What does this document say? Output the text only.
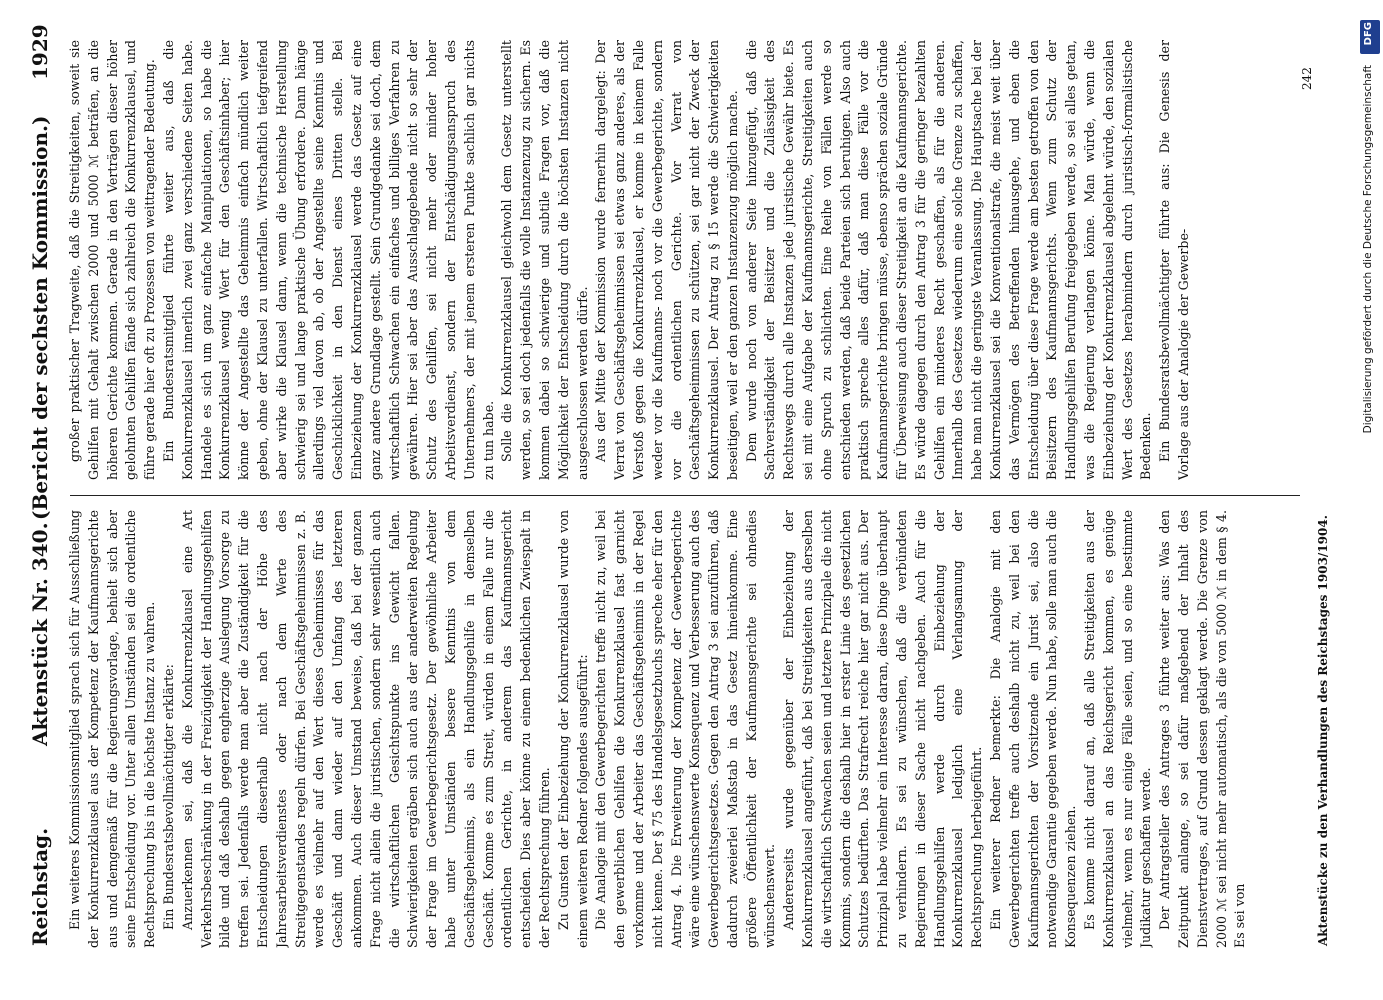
Reichstag.
Aktenstück Nr. 340.
(Bericht der sechsten Kommission.)
1929

Ein weiteres Kommissionsmitglied sprach sich für Ausschließung der Konkurrenzklausel aus der Kompetenz der Kaufmannsgerichte aus und demgemäß für die Regierungsvorlage, behielt sich aber seine Entscheidung vor. Unter allen Umständen sei die ordentliche Rechtsprechung bis in die höchste Instanz zu wahren. Ein Bundesratsbevollmächtigter erklärte: Anzuerkennen sei, daß die Konkurrenzklausel eine Art Verkehrsbeschränkung in der Freizügigkeit der Handlungsgehilfen bilde und daß deshalb gegen engherzige Auslegung Vorsorge zu treffen sei. Jedenfalls werde man aber die Zuständigkeit für die Entscheidungen dieserhalb nicht nach der Höhe des Jahresarbeitsverdienstes oder nach dem Werte des Streitgegenstandes regeln dürfen. Bei Geschäftsgeheimnissen z. B. werde es vielmehr auf den Wert dieses Geheimnisses für das Geschäft und dann wieder auf den Umfang des letzteren ankommen. Auch dieser Umstand beweise, daß bei der ganzen Frage nicht allein die juristischen, sondern sehr wesentlich auch die wirtschaftlichen Gesichtspunkte ins Gewicht fallen. Schwierigkeiten ergäben sich auch aus der anderweiten Regelung der Frage im Gewerbegerichtsgesetz. Der gewöhnliche Arbeiter habe unter Umständen bessere Kenntnis von dem Geschäftsgeheimnis, als ein Handlungsgehilfe in demselben Geschäft. Komme es zum Streit, würden in einem Falle nur die ordentlichen Gerichte, in anderem das Kaufmannsgericht entscheiden. Dies aber könne zu einem bedenklichen Zwiespalt in der Rechtsprechung führen. Zu Gunsten der Einbeziehung der Konkurrenzklausel wurde von einem weiteren Redner folgendes ausgeführt: Die Analogie mit den Gewerbegerichten treffe nicht zu, weil bei den gewerblichen Gehilfen die Konkurrenzklausel fast garnicht vorkomme und der Arbeiter das Geschäftsgeheimnis in der Regel nicht kenne. Der § 75 des Handelsgesetzbuchs spreche eher für den Antrag 4. Die Erweiterung der Kompetenz der Gewerbegerichte wäre eine wünschenswerte Konsequenz und Verbesserung auch des Gewerbegerichtsgesetzes. Gegen den Antrag 3 sei anzuführen, daß dadurch zweierlei Maßstab in das Gesetz hineinkomme. Eine größere Öffentlichkeit der Kaufmannsgerichte sei ohnedies wünschenswert. Andererseits wurde gegenüber der Einbeziehung der Konkurrenzklausel angeführt, daß bei Streitigkeiten aus derselben die wirtschaftlich Schwachen seien und letztere Prinzipale die nicht Kommis, sondern die deshalb hier in erster Linie des gesetzlichen Schutzes bedürften. Das Strafrecht reiche hier gar nicht aus. Der Prinzipal habe vielmehr ein Interesse daran, diese Dinge überhaupt zu verhindern. Es sei zu wünschen, daß die verbündeten Regierungen in dieser Sache nicht nachgeben. Auch für die Handlungsgehilfen werde durch Einbeziehung der Konkurrenzklausel lediglich eine Verlangsamung der Rechtsprechung herbeigeführt. Ein weiterer Redner bemerkte: Die Analogie mit den Gewerbegerichten treffe auch deshalb nicht zu, weil bei den Kaufmannsgerichten der Vorsitzende ein Jurist sei, also die notwendige Garantie gegeben werde. Nun habe, solle man auch die Konsequenzen ziehen. Es komme nicht darauf an, daß alle Streitigkeiten aus der Konkurrenzklausel an das Reichsgericht kommen, es genüge vielmehr, wenn es nur einige Fälle seien, und so eine bestimmte Judikatur geschaffen werde. Der Antragsteller des Antrages 3 führte weiter aus: Was den Zeitpunkt anlange, so sei dafür maßgebend der Inhalt des Dienstvertrages, auf Grund dessen geklagt werde. Die Grenze von 2000 ℳ sei nicht mehr automatisch, als die von 5000 ℳ in dem § 4. Es sei von

großer praktischer Tragweite, daß die Streitigkeiten, soweit sie Gehilfen mit Gehalt zwischen 2000 und 5000 ℳ beträfen, an die höheren Gerichte kommen. Gerade in den Verträgen dieser höher gelohnten Gehilfen fände sich zahlreich die Konkurrenzklausel, und führe gerade hier oft zu Prozessen von weittragender Bedeutung. Ein Bundesratsmitglied führte weiter aus, daß die Konkurrenzklausel innerlich zwei ganz verschiedene Seiten habe. Handele es sich um ganz einfache Manipulationen, so habe die Konkurrenzklausel wenig Wert für den Geschäftsinhaber; hier könne der Angestellte das Geheimnis einfach mündlich weiter geben, ohne der Klausel zu unterfallen. Wirtschaftlich tiefgreifend aber wirke die Klausel dann, wenn die technische Herstellung schwierig sei und lange praktische Übung erfordere. Dann hänge allerdings viel davon ab, ob der Angestellte seine Kenntnis und Geschicklichkeit in den Dienst eines Dritten stelle. Bei Einbeziehung der Konkurrenzklausel werde das Gesetz auf eine ganz andere Grundlage gestellt. Sein Grundgedanke sei doch, dem wirtschaftlich Schwachen ein einfaches und billiges Verfahren zu gewähren. Hier sei aber das Ausschlaggebende nicht so sehr der Schutz des Gehilfen, sei nicht mehr oder minder hoher Arbeitsverdienst, sondern der Entschädigungsanspruch des Unternehmers, der mit jenem ersteren Punkte sachlich gar nichts zu tun habe. Solle die Konkurrenzklausel gleichwohl dem Gesetz unterstellt werden, so sei doch jedenfalls die volle Instanzenzug zu sichern. Es kommen dabei so schwierige und subtile Fragen vor, daß die Möglichkeit der Entscheidung durch die höchsten Instanzen nicht ausgeschlossen werden dürfe. Aus der Mitte der Kommission wurde fernerhin dargelegt: Der Verrat von Geschäftsgeheimnissen sei etwas ganz anderes, als der Verstoß gegen die Konkurrenzklausel, er komme in keinem Falle weder vor die Kaufmanns- noch vor die Gewerbegerichte, sondern vor die ordentlichen Gerichte. Vor Verrat von Geschäftsgeheimnissen zu schützen, sei gar nicht der Zweck der Konkurrenzklausel. Der Antrag zu § 15 werde die Schwierigkeiten beseitigen, weil er den ganzen Instanzenzug möglich mache. Dem wurde noch von anderer Seite hinzugefügt, daß die Sachverständigkeit der Beisitzer und die Zulässigkeit des Rechtswegs durch alle Instanzen jede juristische Gewähr biete. Es sei mit eine Aufgabe der Kaufmannsgerichte, Streitigkeiten auch ohne Spruch zu schlichten. Eine Reihe von Fällen werde so entschieden werden, daß beide Parteien sich beruhigen. Also auch praktisch spreche alles dafür, daß man diese Fälle vor die Kaufmannsgerichte bringen müsse, ebenso sprächen soziale Gründe für Überweisung auch dieser Streitigkeit an die Kaufmannsgerichte. Es würde dagegen durch den Antrag 3 für die geringer bezahlten Gehilfen ein minderes Recht geschaffen, als für die anderen. Innerhalb des Gesetzes wiederum eine solche Grenze zu schaffen, habe man nicht die geringste Veranlassung. Die Hauptsache bei der Konkurrenzklausel sei die Konventionalstrafe, die meist weit über das Vermögen des Betreffenden hinausgehe, und eben die Entscheidung über diese Frage werde am besten getroffen von den Beisitzern des Kaufmannsgerichts. Wenn zum Schutz der Handlungsgehilfen Berufung freigegeben werde, so sei alles getan, was die Regierung verlangen könne. Man würde, wenn die Einbeziehung der Konkurrenzklausel abgelehnt würde, den sozialen Wert des Gesetzes herabmindern durch juristisch-formalistische Bedenken. Ein Bundesratsbevollmächtigter führte aus: Die Genesis der Vorlage aus der Analogie der Gewerbe-

Aktenstücke zu den Verhandlungen des Reichstages 1903/1904.
242
DFG
Digitalisierung gefördert durch die Deutsche Forschungsgemeinschaft
